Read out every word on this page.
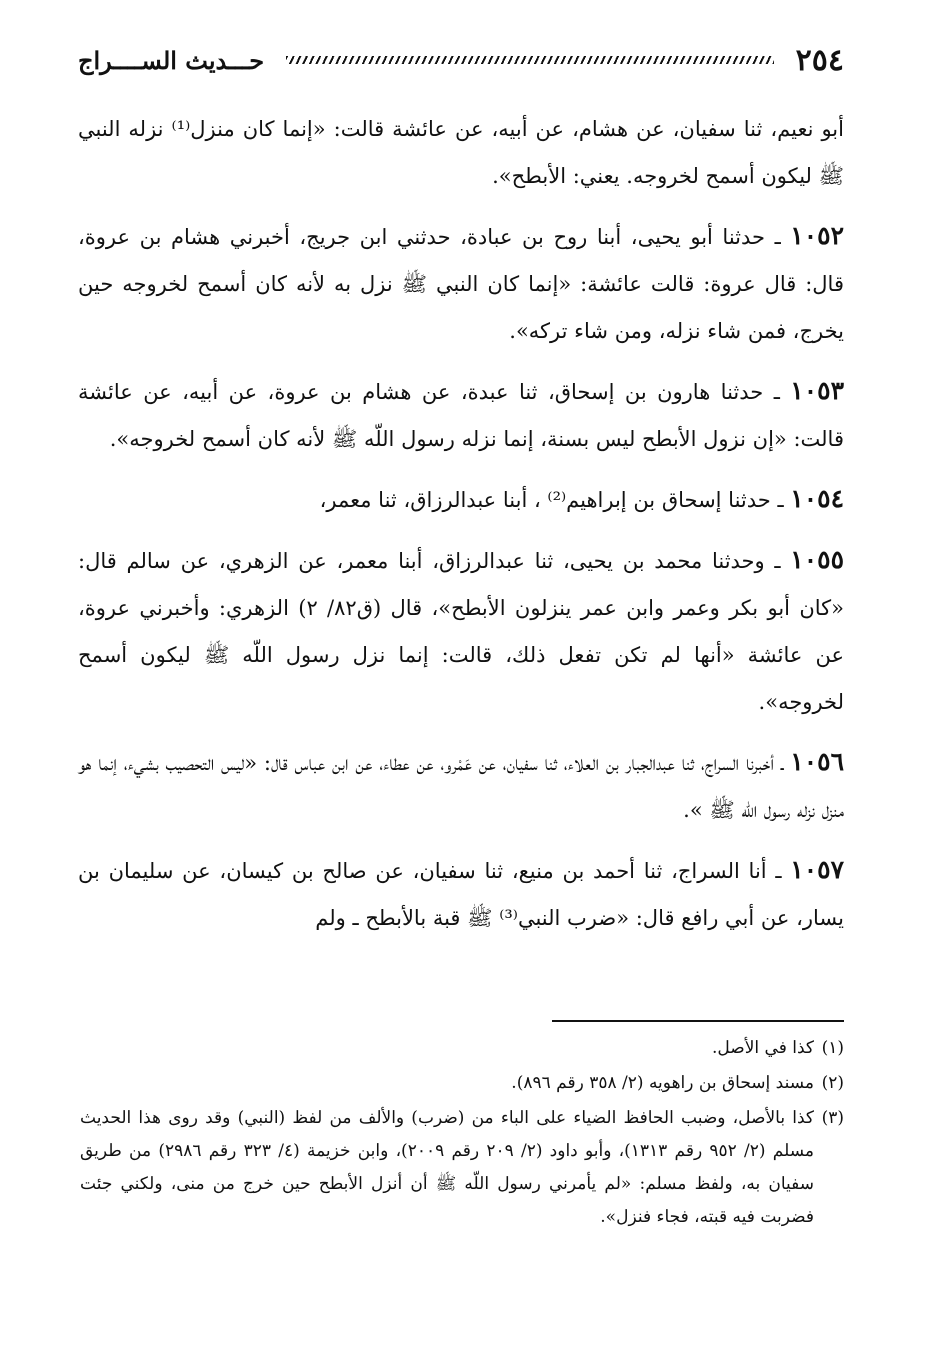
٢٥٤
حـــديث الســــراج

أبو نعيم، ثنا سفيان، عن هشام، عن أبيه، عن عائشة قالت: «إنما كان منزل⁽¹⁾ نزله النبي ﷺ ليكون أسمح لخروجه. يعني: الأبطح».

١٠٥٢ ـ حدثنا أبو يحيى، أبنا روح بن عبادة، حدثني ابن جريج، أخبرني هشام بن عروة، قال: قال عروة: قالت عائشة: «إنما كان النبي ﷺ نزل به لأنه كان أسمح لخروجه حين يخرج، فمن شاء نزله، ومن شاء تركه».

١٠٥٣ ـ حدثنا هارون بن إسحاق، ثنا عبدة، عن هشام بن عروة، عن أبيه، عن عائشة قالت: «إن نزول الأبطح ليس بسنة، إنما نزله رسول اللّه ﷺ لأنه كان أسمح لخروجه».

١٠٥٤ ـ حدثنا إسحاق بن إبراهيم⁽²⁾ ، أبنا عبدالرزاق، ثنا معمر،

١٠٥٥ ـ وحدثنا محمد بن يحيى، ثنا عبدالرزاق، أبنا معمر، عن الزهري، عن سالم قال: «كان أبو بكر وعمر وابن عمر ينزلون الأبطح»، قال (ق٨٢/ ٢) الزهري: وأخبرني عروة، عن عائشة «أنها لم تكن تفعل ذلك، قالت: إنما نزل رسول اللّه ﷺ ليكون أسمح لخروجه».

١٠٥٦ ـ أخبرنا السراج، ثنا عبدالجبار بن العلاء، ثنا سفيان، عن عَمْرو، عن عطاء، عن ابن عباس قال: «ليس التحصيب بشيء، إنما هو منزل نزله رسول اللّه ﷺ ».

١٠٥٧ ـ أنا السراج، ثنا أحمد بن منيع، ثنا سفيان، عن صالح بن كيسان، عن سليمان بن يسار، عن أبي رافع قال: «ضرب النبي⁽³⁾ ﷺ قبة بالأبطح ـ ولم

(١)
كذا في الأصل.

(٢)
مسند إسحاق بن راهويه (٢/ ٣٥٨ رقم ٨٩٦).

(٣)
كذا بالأصل، وضبب الحافظ الضياء على الباء من (ضرب) والألف من لفظ (النبي) وقد روى هذا الحديث مسلم (٢/ ٩٥٢ رقم ١٣١٣)، وأبو داود (٢/ ٢٠٩ رقم ٢٠٠٩)، وابن خزيمة (٤/ ٣٢٣ رقم ٢٩٨٦) من طريق سفيان به، ولفظ مسلم: «لم يأمرني رسول اللّه ﷺ أن أنزل الأبطح حين خرج من منى، ولكني جئت فضربت فيه قبته، فجاء فنزل».
